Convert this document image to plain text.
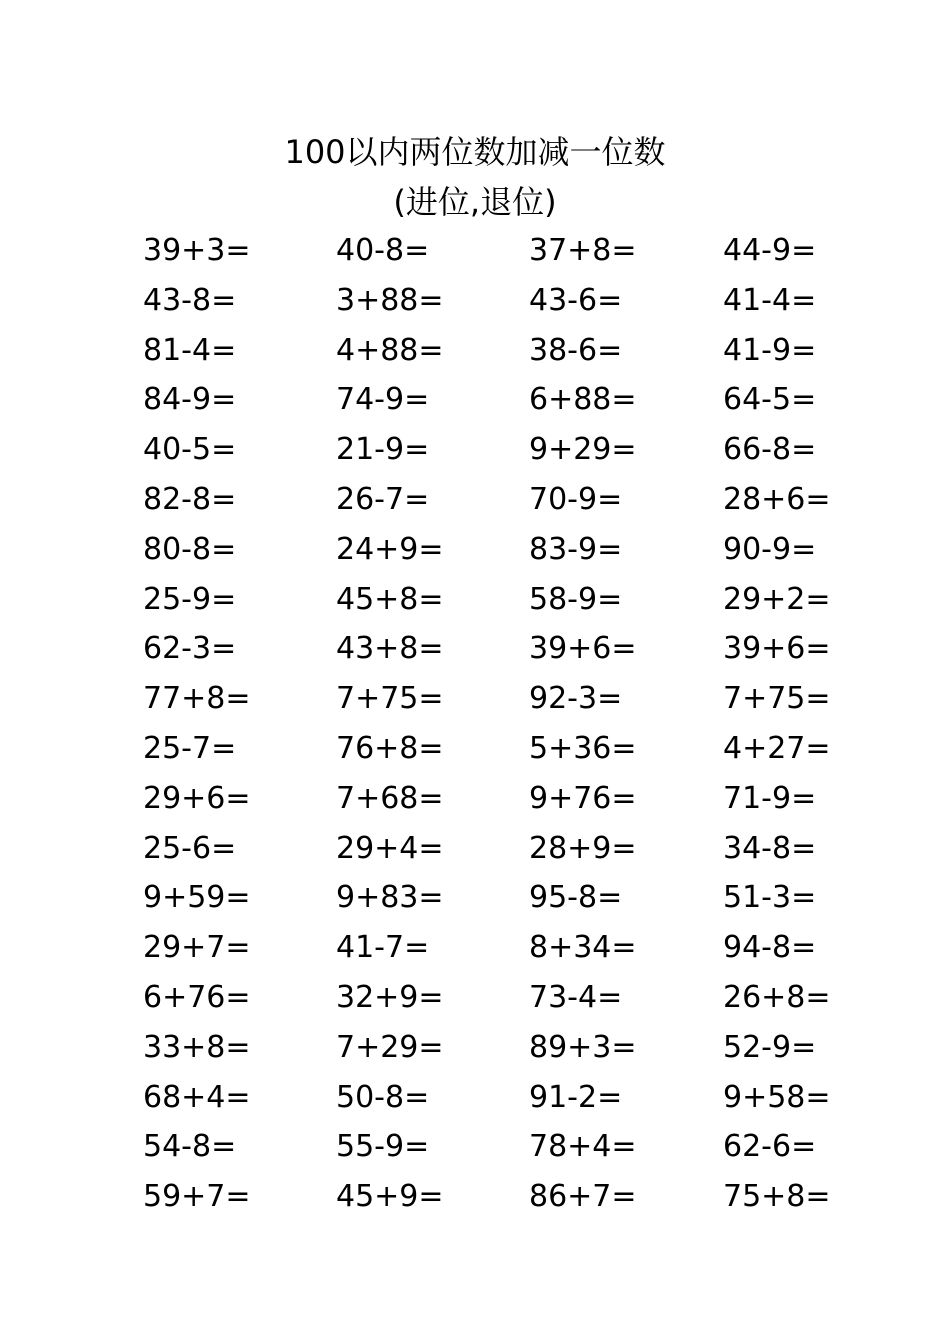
100以内两位数加减一位数
(进位,退位)
39+3=	40-8=	37+8=	44-9=
43-8=	3+88=	43-6=	41-4=
81-4=	4+88=	38-6=	41-9=
84-9=	74-9=	6+88=	64-5=
40-5=	21-9=	9+29=	66-8=
82-8=	26-7=	70-9=	28+6=
80-8=	24+9=	83-9=	90-9=
25-9=	45+8=	58-9=	29+2=
62-3=	43+8=	39+6=	39+6=
77+8=	7+75=	92-3=	7+75=
25-7=	76+8=	5+36=	4+27=
29+6=	7+68=	9+76=	71-9=
25-6=	29+4=	28+9=	34-8=
9+59=	9+83=	95-8=	51-3=
29+7=	41-7=	8+34=	94-8=
6+76=	32+9=	73-4=	26+8=
33+8=	7+29=	89+3=	52-9=
68+4=	50-8=	91-2=	9+58=
54-8=	55-9=	78+4=	62-6=
59+7=	45+9=	86+7=	75+8=
